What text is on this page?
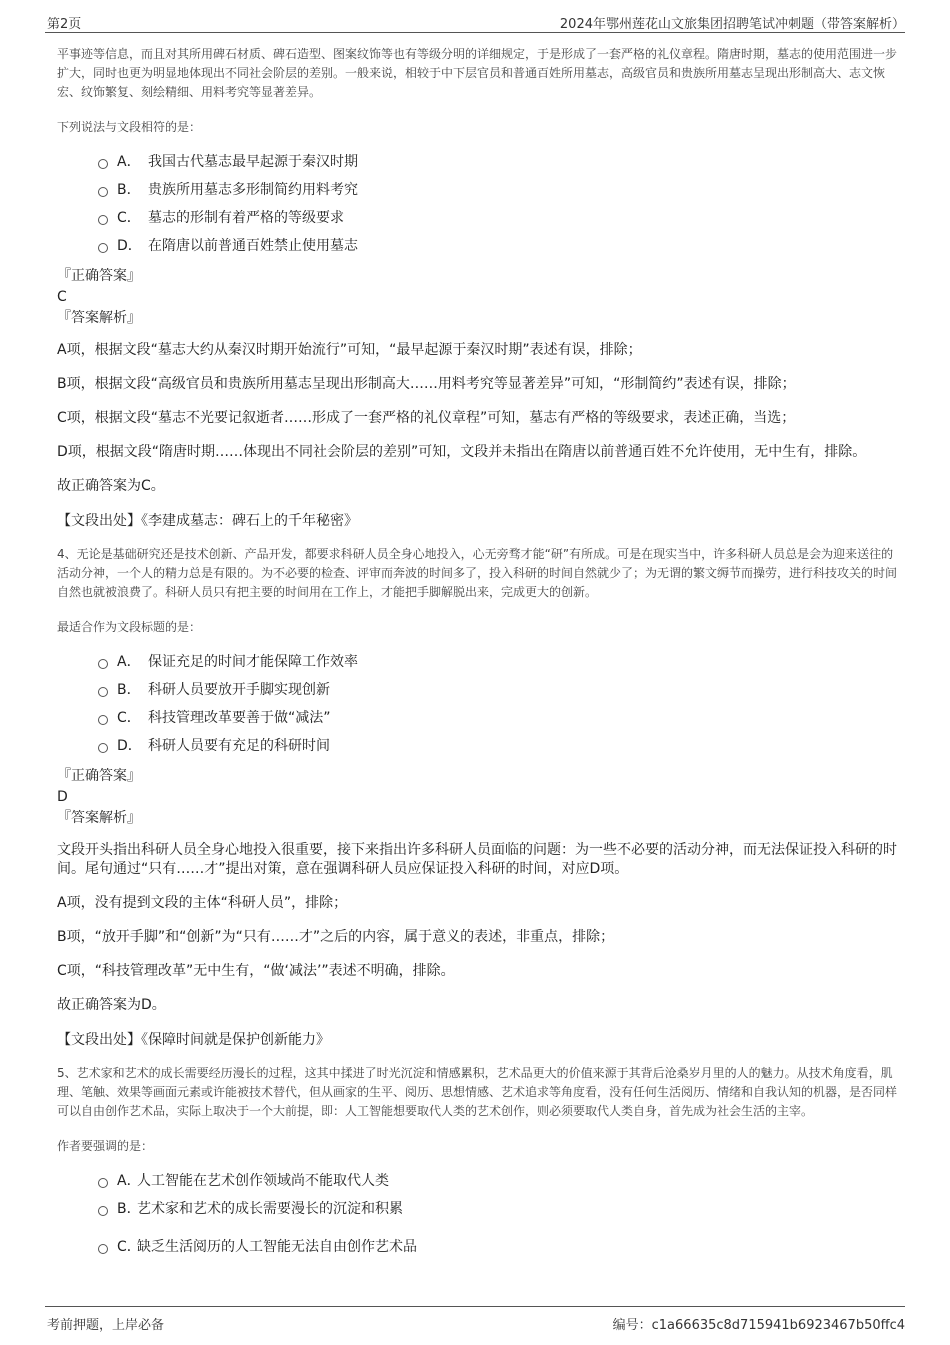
第2页	2024年鄂州莲花山文旅集团招聘笔试冲刺题（带答案解析）

平事迹等信息，而且对其所用碑石材质、碑石造型、图案纹饰等也有等级分明的详细规定，于是形成了一套严格的礼仪章程。隋唐时期，墓志的使用范围进一步扩大，同时也更为明显地体现出不同社会阶层的差别。一般来说，相较于中下层官员和普通百姓所用墓志，高级官员和贵族所用墓志呈现出形制高大、志文恢宏、纹饰繁复、刻绘精细、用料考究等显著差异。

下列说法与文段相符的是：

A． 我国古代墓志最早起源于秦汉时期
B． 贵族所用墓志多形制简约用料考究
C． 墓志的形制有着严格的等级要求
D． 在隋唐以前普通百姓禁止使用墓志

『正确答案』

C

『答案解析』

A项，根据文段“墓志大约从秦汉时期开始流行”可知，“最早起源于秦汉时期”表述有误，排除；

B项，根据文段“高级官员和贵族所用墓志呈现出形制高大……用料考究等显著差异”可知，“形制简约”表述有误，排除；

C项，根据文段“墓志不光要记叙逝者……形成了一套严格的礼仪章程”可知，墓志有严格的等级要求，表述正确，当选；

D项，根据文段“隋唐时期……体现出不同社会阶层的差别”可知，文段并未指出在隋唐以前普通百姓不允许使用，无中生有，排除。

故正确答案为C。

【文段出处】《李建成墓志：碑石上的千年秘密》

4、无论是基础研究还是技术创新、产品开发，都要求科研人员全身心地投入，心无旁骛才能“研”有所成。可是在现实当中，许多科研人员总是会为迎来送往的活动分神，一个人的精力总是有限的。为不必要的检查、评审而奔波的时间多了，投入科研的时间自然就少了；为无谓的繁文缛节而操劳，进行科技攻关的时间自然也就被浪费了。科研人员只有把主要的时间用在工作上，才能把手脚解脱出来，完成更大的创新。

最适合作为文段标题的是：

A． 保证充足的时间才能保障工作效率
B． 科研人员要放开手脚实现创新
C． 科技管理改革要善于做“减法”
D． 科研人员要有充足的科研时间

『正确答案』

D

『答案解析』

文段开头指出科研人员全身心地投入很重要，接下来指出许多科研人员面临的问题：为一些不必要的活动分神，而无法保证投入科研的时间。尾句通过“只有……才”提出对策，意在强调科研人员应保证投入科研的时间，对应D项。

A项，没有提到文段的主体“科研人员”，排除；

B项，“放开手脚”和“创新”为“只有……才”之后的内容，属于意义的表述，非重点，排除；

C项，“科技管理改革”无中生有，“做‘减法’”表述不明确，排除。

故正确答案为D。

【文段出处】《保障时间就是保护创新能力》

5、艺术家和艺术的成长需要经历漫长的过程，这其中揉进了时光沉淀和情感累积，艺术品更大的价值来源于其背后沧桑岁月里的人的魅力。从技术角度看，肌理、笔触、效果等画面元素或许能被技术替代，但从画家的生平、阅历、思想情感、艺术追求等角度看，没有任何生活阅历、情绪和自我认知的机器，是否同样可以自由创作艺术品，实际上取决于一个大前提，即：人工智能想要取代人类的艺术创作，则必须要取代人类自身，首先成为社会生活的主宰。

作者要强调的是：

A．
人工智能在艺术创作领域尚不能取代人类
B．
艺术家和艺术的成长需要漫长的沉淀和积累
C．
缺乏生活阅历的人工智能无法自由创作艺术品
考前押题，上岸必备	编号：c1a66635c8d715941b6923467b50ffc4
